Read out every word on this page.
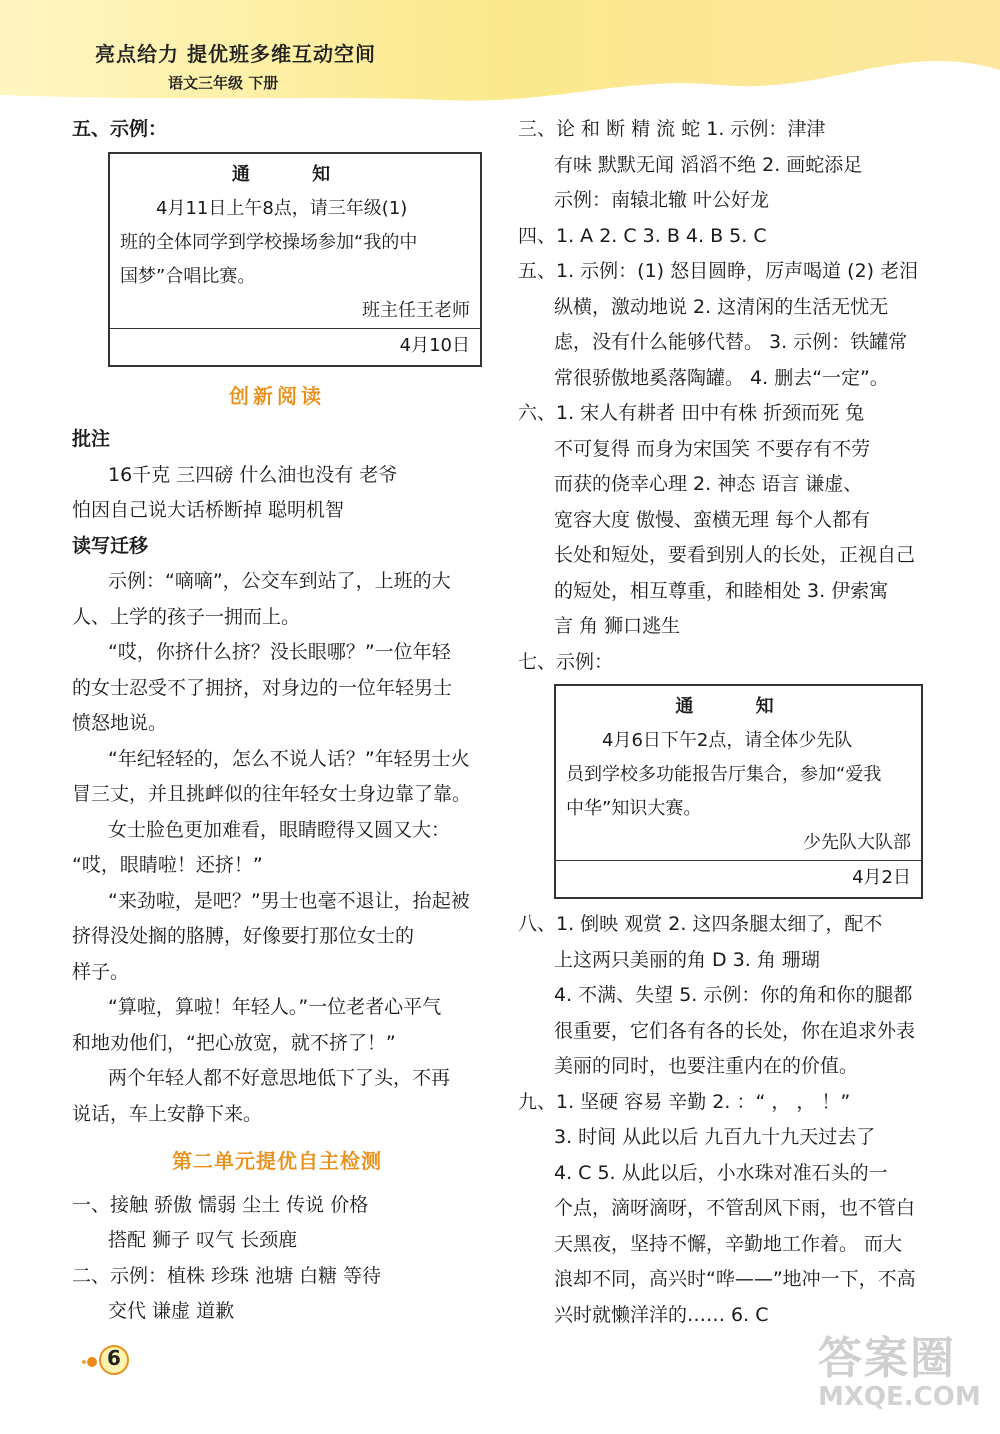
亮点给力 提优班多维互动空间
语文三年级 下册

五、示例：

通 知
4月11日上午8点，请三年级(1)
班的全体同学到学校操场参加“我的中
国梦”合唱比赛。
班主任王老师
4月10日
创新阅读

批注

16千克 三四磅 什么油也没有 老爷

怕因自己说大话桥断掉 聪明机智

读写迁移

示例：“嘀嘀”，公交车到站了，上班的大

人、上学的孩子一拥而上。

“哎，你挤什么挤？没长眼哪？”一位年轻

的女士忍受不了拥挤，对身边的一位年轻男士

愤怒地说。

“年纪轻轻的，怎么不说人话？”年轻男士火

冒三丈，并且挑衅似的往年轻女士身边靠了靠。

女士脸色更加难看，眼睛瞪得又圆又大：

“哎，眼睛啦！还挤！”

“来劲啦，是吧？”男士也毫不退让，抬起被

挤得没处搁的胳膊，好像要打那位女士的

样子。

“算啦，算啦！年轻人。”一位老者心平气

和地劝他们，“把心放宽，就不挤了！”

两个年轻人都不好意思地低下了头，不再

说话，车上安静下来。

第二单元提优自主检测

一、接触 骄傲 懦弱 尘土 传说 价格

搭配 狮子 叹气 长颈鹿

二、示例：植株 珍珠 池塘 白糖 等待

交代 谦虚 道歉

三、论 和 断 精 流 蛇 1. 示例：津津

有味 默默无闻 滔滔不绝 2. 画蛇添足

示例：南辕北辙 叶公好龙

四、1. A 2. C 3. B 4. B 5. C

五、1. 示例：(1) 怒目圆睁，厉声喝道 (2) 老泪

纵横，激动地说 2. 这清闲的生活无忧无

虑，没有什么能够代替。 3. 示例：铁罐常

常很骄傲地奚落陶罐。 4. 删去“一定”。

六、1. 宋人有耕者 田中有株 折颈而死 兔

不可复得 而身为宋国笑 不要存有不劳

而获的侥幸心理 2. 神态 语言 谦虚、

宽容大度 傲慢、蛮横无理 每个人都有

长处和短处，要看到别人的长处，正视自己

的短处，相互尊重，和睦相处 3. 伊索寓

言 角 狮口逃生

七、示例：

通 知
4月6日下午2点，请全体少先队
员到学校多功能报告厅集合，参加“爱我
中华”知识大赛。
少先队大队部
4月2日

八、1. 倒映 观赏 2. 这四条腿太细了，配不

上这两只美丽的角 D 3. 角 珊瑚

4. 不满、失望 5. 示例：你的角和你的腿都

很重要，它们各有各的长处，你在追求外表

美丽的同时，也要注重内在的价值。

九、1. 坚硬 容易 辛勤 2. ：“ ， ， ！”

3. 时间 从此以后 九百九十九天过去了

4. C 5. 从此以后，小水珠对准石头的一

个点，滴呀滴呀，不管刮风下雨，也不管白

天黑夜，坚持不懈，辛勤地工作着。 而大

浪却不同，高兴时“哗——”地冲一下，不高

兴时就懒洋洋的…… 6. C

6	答案圈
MXQE.COM
